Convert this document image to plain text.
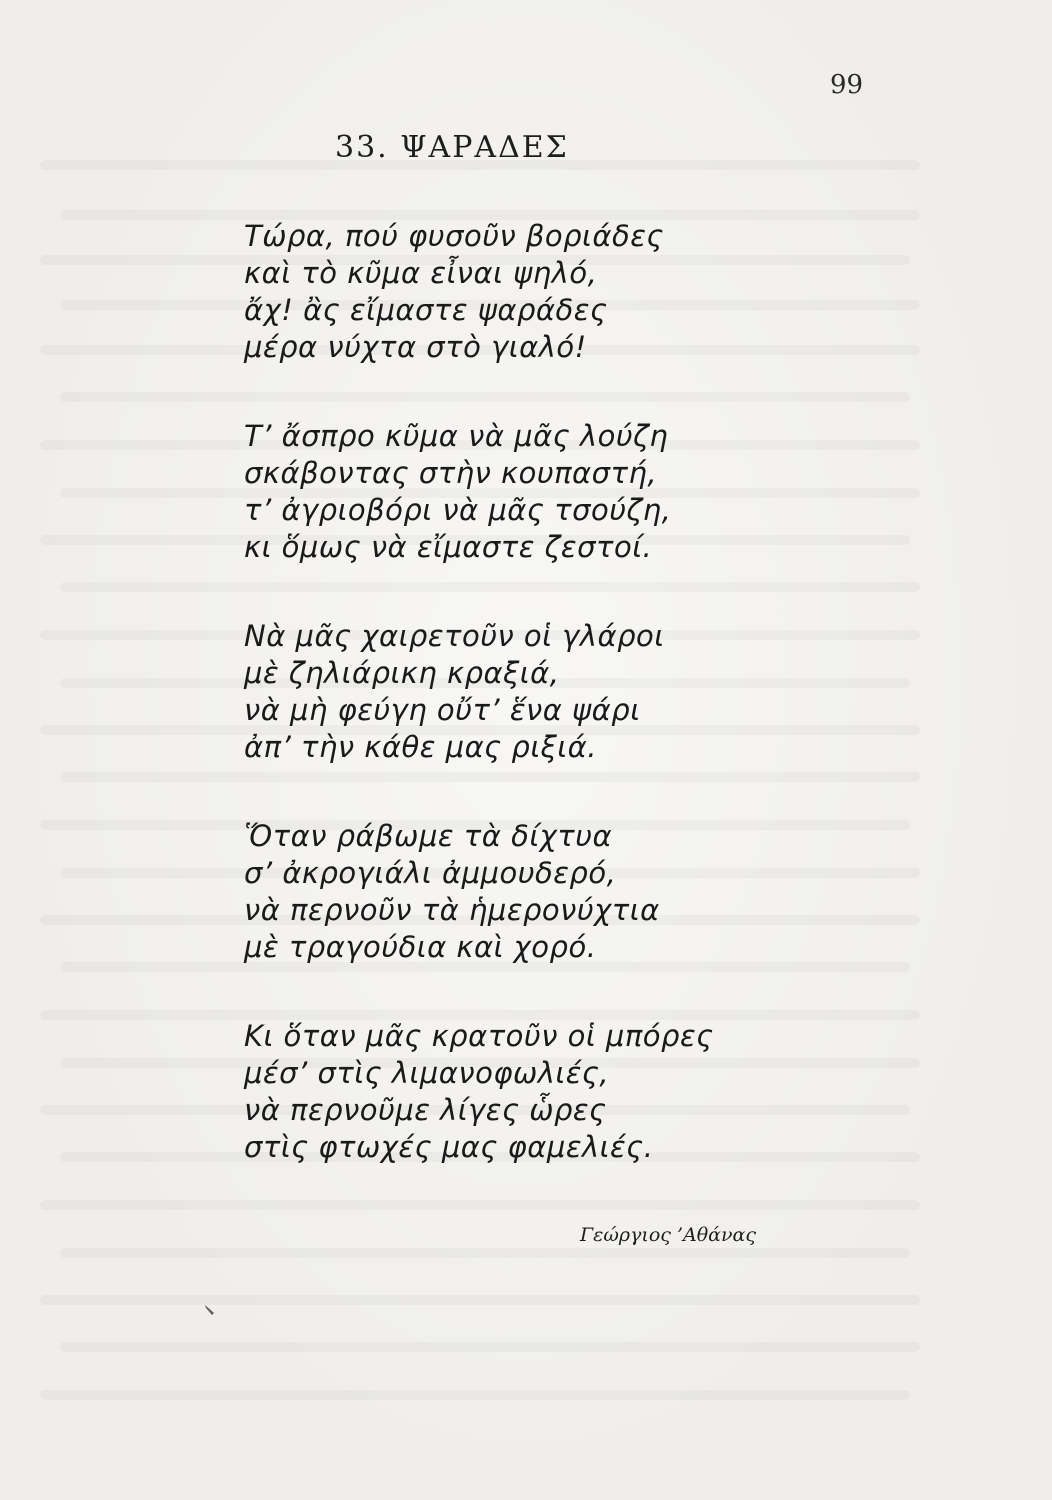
99
33. ΨΑΡΑΔΕΣ
Τώρα, πού φυσοῦν βοριάδες
καὶ τὸ κῦμα εἶναι ψηλό,
ἄχ! ἂς εἴμαστε ψαράδες
μέρα νύχτα στὸ γιαλό!
Τ’ ἄσπρο κῦμα νὰ μᾶς λούζη
σκάβοντας στὴν κουπαστή,
τ’ ἀγριοβόρι νὰ μᾶς τσούζη,
κι ὅμως νὰ εἴμαστε ζεστοί.
Νὰ μᾶς χαιρετοῦν οἱ γλάροι
μὲ ζηλιάρικη κραξιά,
νὰ μὴ φεύγη οὔτ’ ἕνα ψάρι
ἀπ’ τὴν κάθε μας ριξιά.
Ὅταν ράβωμε τὰ δίχτυα
σ’ ἀκρογιάλι ἀμμουδερό,
νὰ περνοῦν τὰ ἡμερονύχτια
μὲ τραγούδια καὶ χορό.
Κι ὅταν μᾶς κρατοῦν οἱ μπόρες
μέσ’ στὶς λιμανοφωλιές,
νὰ περνοῦμε λίγες ὧρες
στὶς φτωχές μας φαμελιές.
Γεώργιος ’Αθάνας
